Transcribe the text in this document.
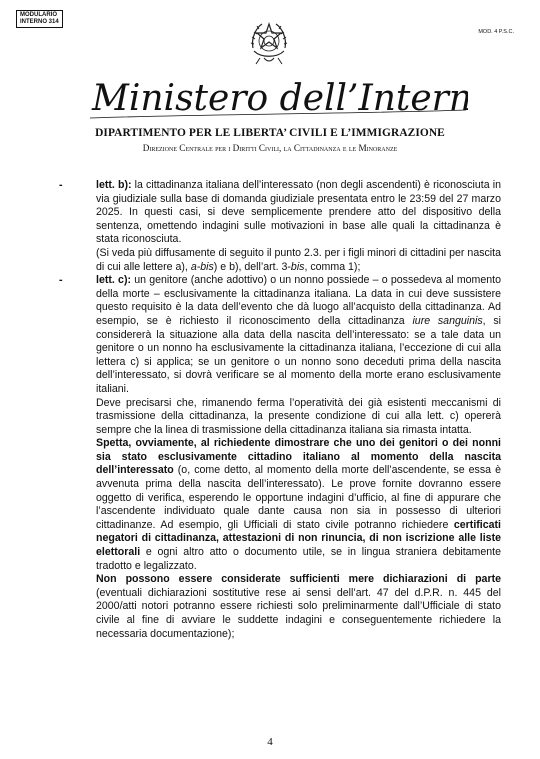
MODULARIO
INTERNO 314
MOD. 4 P.S.C.
Ministero dell’Interno
DIPARTIMENTO PER LE LIBERTA’ CIVILI E L’IMMIGRAZIONE
Direzione Centrale per i Diritti Civili, la Cittadinanza e le Minoranze
-	lett. b): la cittadinanza italiana dell’interessato (non degli ascendenti) è riconosciuta in via giudiziale sulla base di domanda giudiziale presentata entro le 23:59 del 27 marzo 2025. In questi casi, si deve semplicemente prendere atto del dispositivo della sentenza, omettendo indagini sulle motivazioni in base alle quali la cittadinanza è stata riconosciuta.

(Si veda più diffusamente di seguito il punto 2.3. per i figli minori di cittadini per nascita di cui alle lettere a), a-bis) e b), dell’art. 3-bis, comma 1);

-	lett. c): un genitore (anche adottivo) o un nonno possiede – o possedeva al momento della morte – esclusivamente la cittadinanza italiana. La data in cui deve sussistere questo requisito è la data dell’evento che dà luogo all’acquisto della cittadinanza. Ad esempio, se è richiesto il riconoscimento della cittadinanza iure sanguinis, si considererà la situazione alla data della nascita dell’interessato: se a tale data un genitore o un nonno ha esclusivamente la cittadinanza italiana, l’eccezione di cui alla lettera c) si applica; se un genitore o un nonno sono deceduti prima della nascita dell’interessato, si dovrà verificare se al momento della morte erano esclusivamente italiani.

Deve precisarsi che, rimanendo ferma l’operatività dei già esistenti meccanismi di trasmissione della cittadinanza, la presente condizione di cui alla lett. c) opererà sempre che la linea di trasmissione della cittadinanza italiana sia rimasta intatta.

Spetta, ovviamente, al richiedente dimostrare che uno dei genitori o dei nonni sia stato esclusivamente cittadino italiano al momento della nascita dell’interessato (o, come detto, al momento della morte dell’ascendente, se essa è avvenuta prima della nascita dell’interessato). Le prove fornite dovranno essere oggetto di verifica, esperendo le opportune indagini d’ufficio, al fine di appurare che l’ascendente individuato quale dante causa non sia in possesso di ulteriori cittadinanze. Ad esempio, gli Ufficiali di stato civile potranno richiedere certificati negatori di cittadinanza, attestazioni di non rinuncia, di non iscrizione alle liste elettorali e ogni altro atto o documento utile, se in lingua straniera debitamente tradotto e legalizzato.

Non possono essere considerate sufficienti mere dichiarazioni di parte (eventuali dichiarazioni sostitutive rese ai sensi dell’art. 47 del d.P.R. n. 445 del 2000/atti notori potranno essere richiesti solo preliminarmente dall’Ufficiale di stato civile al fine di avviare le suddette indagini e conseguentemente richiedere la necessaria documentazione);

4
